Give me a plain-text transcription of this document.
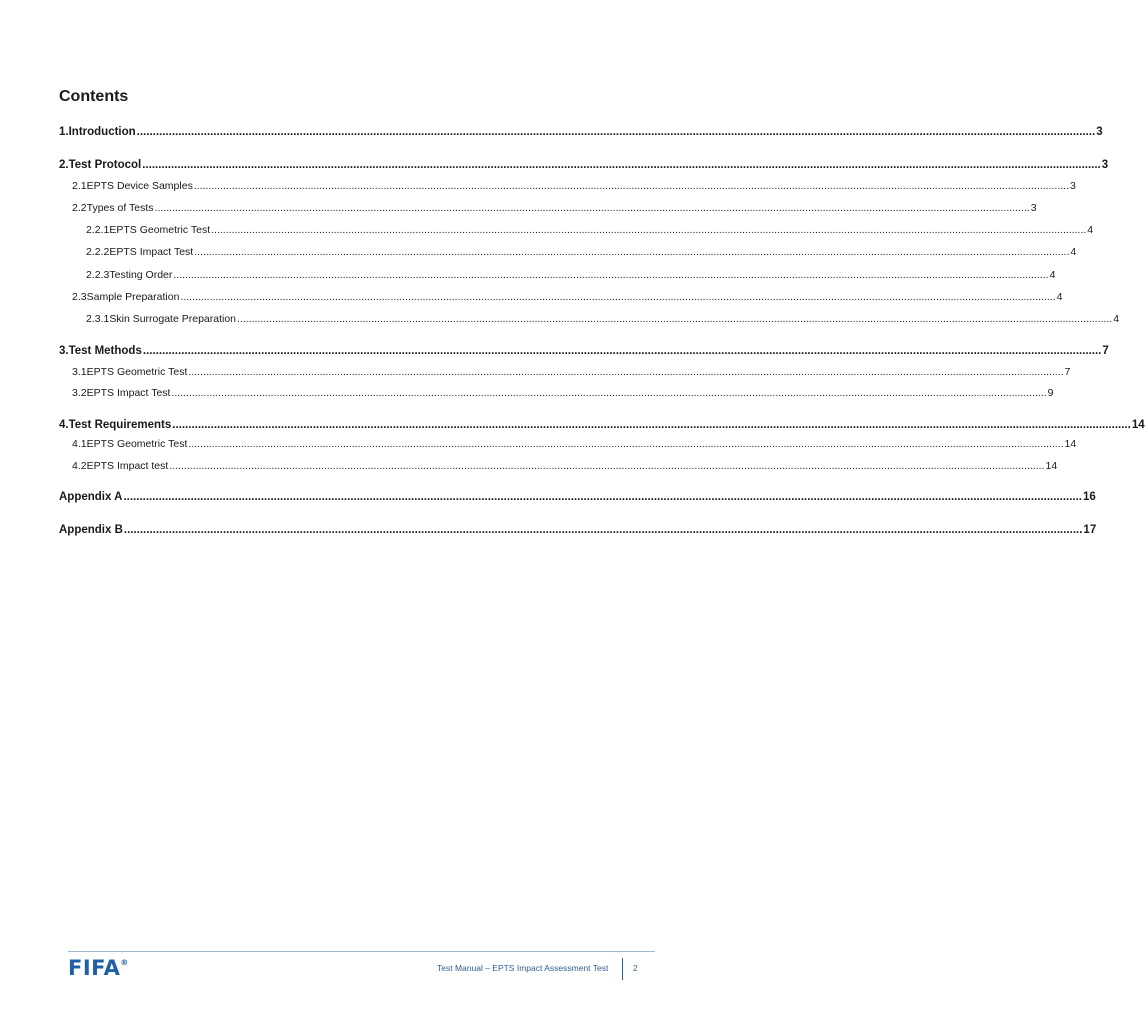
Contents
1. Introduction ............................................................................................................................................................................................................................................................................................................ 3
2. Test Protocol ............................................................................................................................................................................................................................................................................................................ 3
2.1 EPTS Device Samples ............................................................................................................................................................................................................................................................................................................ 3
2.2 Types of Tests ............................................................................................................................................................................................................................................................................................................ 3
2.2.1 EPTS Geometric Test ............................................................................................................................................................................................................................................................................................................ 4
2.2.2 EPTS Impact Test ............................................................................................................................................................................................................................................................................................................ 4
2.2.3 Testing Order ............................................................................................................................................................................................................................................................................................................ 4
2.3 Sample Preparation ............................................................................................................................................................................................................................................................................................................ 4
2.3.1 Skin Surrogate Preparation ............................................................................................................................................................................................................................................................................................................ 4
3. Test Methods ............................................................................................................................................................................................................................................................................................................ 7
3.1 EPTS Geometric Test ............................................................................................................................................................................................................................................................................................................ 7
3.2 EPTS Impact Test ............................................................................................................................................................................................................................................................................................................ 9
4. Test Requirements ............................................................................................................................................................................................................................................................................................................ 14
4.1 EPTS Geometric Test ............................................................................................................................................................................................................................................................................................................ 14
4.2 EPTS Impact test ............................................................................................................................................................................................................................................................................................................ 14
Appendix A ............................................................................................................................................................................................................................................................................................................ 16
Appendix B ............................................................................................................................................................................................................................................................................................................ 17
FIFA®
Test Manual – EPTS Impact Assessment Test	2
